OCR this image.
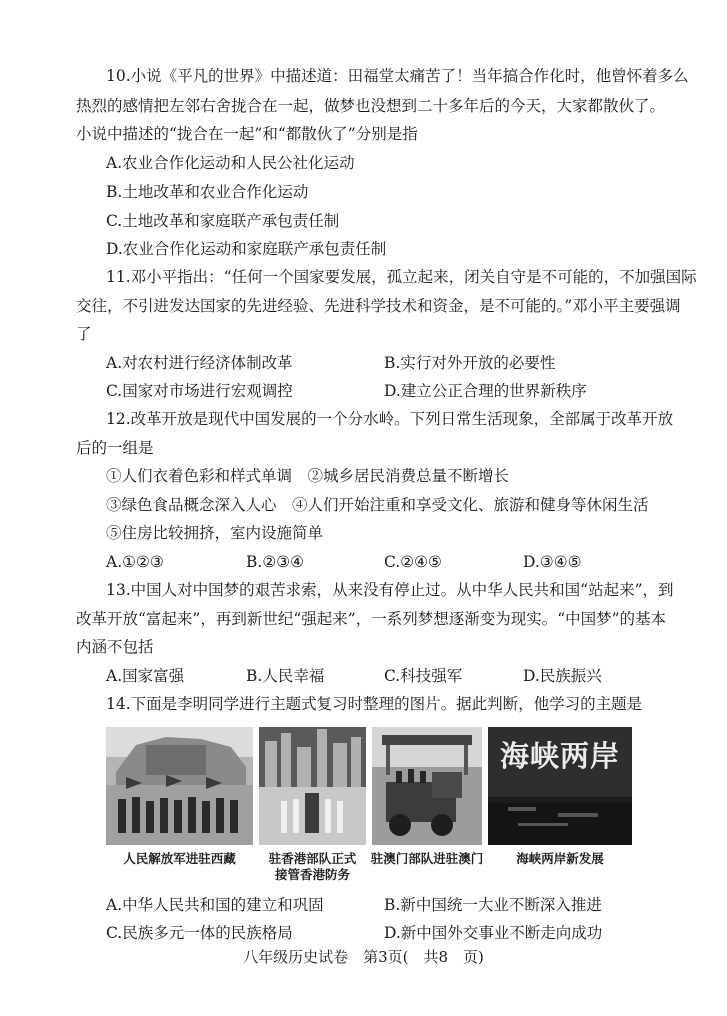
10.小说《平凡的世界》中描述道：田福堂太痛苦了！当年搞合作化时，他曾怀着多么
热烈的感情把左邻右舍拢合在一起，做梦也没想到二十多年后的今天，大家都散伙了。
小说中描述的“拢合在一起”和“都散伙了”分别是指
A.农业合作化运动和人民公社化运动
B.土地改革和农业合作化运动
C.土地改革和家庭联产承包责任制
D.农业合作化运动和家庭联产承包责任制
11.邓小平指出：“任何一个国家要发展，孤立起来，闭关自守是不可能的，不加强国际
交往，不引进发达国家的先进经验、先进科学技术和资金，是不可能的。”邓小平主要强调
了
A.对农村进行经济体制改革	B.实行对外开放的必要性
C.国家对市场进行宏观调控	D.建立公正合理的世界新秩序
12.改革开放是现代中国发展的一个分水岭。下列日常生活现象，全部属于改革开放
后的一组是
①人们衣着色彩和样式单调　②城乡居民消费总量不断增长
③绿色食品概念深入人心　④人们开始注重和享受文化、旅游和健身等休闲生活
⑤住房比较拥挤，室内设施简单
A.①②③	B.②③④	C.②④⑤	D.③④⑤
13.中国人对中国梦的艰苦求索，从来没有停止过。从中华人民共和国“站起来”，到
改革开放“富起来”，再到新世纪“强起来”，一系列梦想逐渐变为现实。“中国梦”的基本
内涵不包括
A.国家富强	B.人民幸福	C.科技强军	D.民族振兴
14.下面是李明同学进行主题式复习时整理的图片。据此判断，他学习的主题是
海峡两岸
人民解放军进驻西藏	驻香港部队正式
接管香港防务
驻澳门部队进驻澳门	海峡两岸新发展
A.中华人民共和国的建立和巩固	B.新中国统一大业不断深入推进
C.民族多元一体的民族格局	D.新中国外交事业不断走向成功
八年级历史试卷　第3页(　共8　页)
